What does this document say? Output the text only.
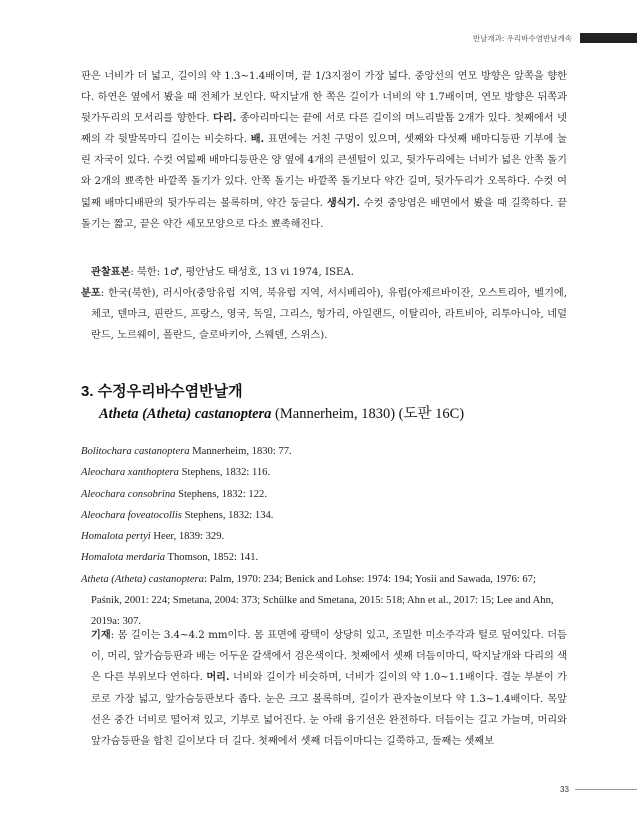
반날개과: 우리바수염반날개속

판은 너비가 더 넓고, 길이의 약 1.3~1.4배이며, 끝 1/3지점이 가장 넓다. 중앙선의 연모 방향은 앞쪽을 향한다. 하연은 옆에서 봤을 때 전체가 보인다. 딱지날개 한 쪽은 길이가 너비의 약 1.7배이며, 연모 방향은 뒤쪽과 뒷가두리의 모서리를 향한다. 다리. 종아리마디는 끝에 서로 다른 길이의 며느리발톱 2개가 있다. 첫째에서 넷째의 각 뒷발목마디 길이는 비슷하다. 배. 표면에는 거친 구멍이 있으며, 셋째와 다섯째 배마디등판 기부에 눌린 자국이 있다. 수컷 여덟째 배마디등판은 양 옆에 4개의 큰센털이 있고, 뒷가두리에는 너비가 넓은 안쪽 돌기와 2개의 뾰족한 바깥쪽 돌기가 있다. 안쪽 돌기는 바깥쪽 돌기보다 약간 길며, 뒷가두리가 오목하다. 수컷 여덟째 배마디배판의 뒷가두리는 볼록하며, 약간 둥글다. 생식기. 수컷 중앙엽은 배면에서 봤을 때 길쭉하다. 끝돌기는 짧고, 끝은 약간 세모모양으로 다소 뾰족해진다.

관찰표본: 북한: 1♂, 평안남도 태성호, 13 vi 1974, ISEA.

분포: 한국(북한), 러시아(중앙유럽 지역, 북유럽 지역, 서시베리아), 유럽(아제르바이잔, 오스트리아, 벨기에, 체코, 덴마크, 핀란드, 프랑스, 영국, 독일, 그리스, 헝가리, 아일랜드, 이탈리아, 라트비아, 리투아니아, 네덜란드, 노르웨이, 폴란드, 슬로바키아, 스웨덴, 스위스).

3. 수정우리바수염반날개
Atheta (Atheta) castanoptera (Mannerheim, 1830) (도판 16C)

Bolitochara castanoptera Mannerheim, 1830: 77.

Aleochara xanthoptera Stephens, 1832: 116.

Aleochara consobrina Stephens, 1832: 122.

Aleochara foveatocollis Stephens, 1832: 134.

Homalota pertyi Heer, 1839: 329.

Homalota merdaria Thomson, 1852: 141.

Atheta (Atheta) castanoptera: Palm, 1970: 234; Benick and Lohse: 1974: 194; Yosii and Sawada, 1976: 67; Paśnik, 2001: 224; Smetana, 2004: 373; Schülke and Smetana, 2015: 518; Ahn et al., 2017: 15; Lee and Ahn, 2019a: 307.

기재: 몸 길이는 3.4~4.2 mm이다. 몸 표면에 광택이 상당히 있고, 조밀한 미소주각과 털로 덮여있다. 더듬이, 머리, 앞가슴등판과 배는 어두운 갈색에서 검은색이다. 첫째에서 셋째 더듬이마디, 딱지날개와 다리의 색은 다른 부위보다 연하다. 머리. 너비와 길이가 비슷하며, 너비가 길이의 약 1.0~1.1배이다. 겹눈 부분이 가로로 가장 넓고, 앞가슴등판보다 좁다. 눈은 크고 볼록하며, 길이가 관자놀이보다 약 1.3~1.4배이다. 목앞선은 중간 너비로 떨어져 있고, 기부로 넓어진다. 눈 아래 융기선은 완전하다. 더듬이는 길고 가늘며, 머리와 앞가슴등판을 합친 길이보다 더 길다. 첫째에서 셋째 더듬이마디는 길쭉하고, 둘째는 셋째보

33
